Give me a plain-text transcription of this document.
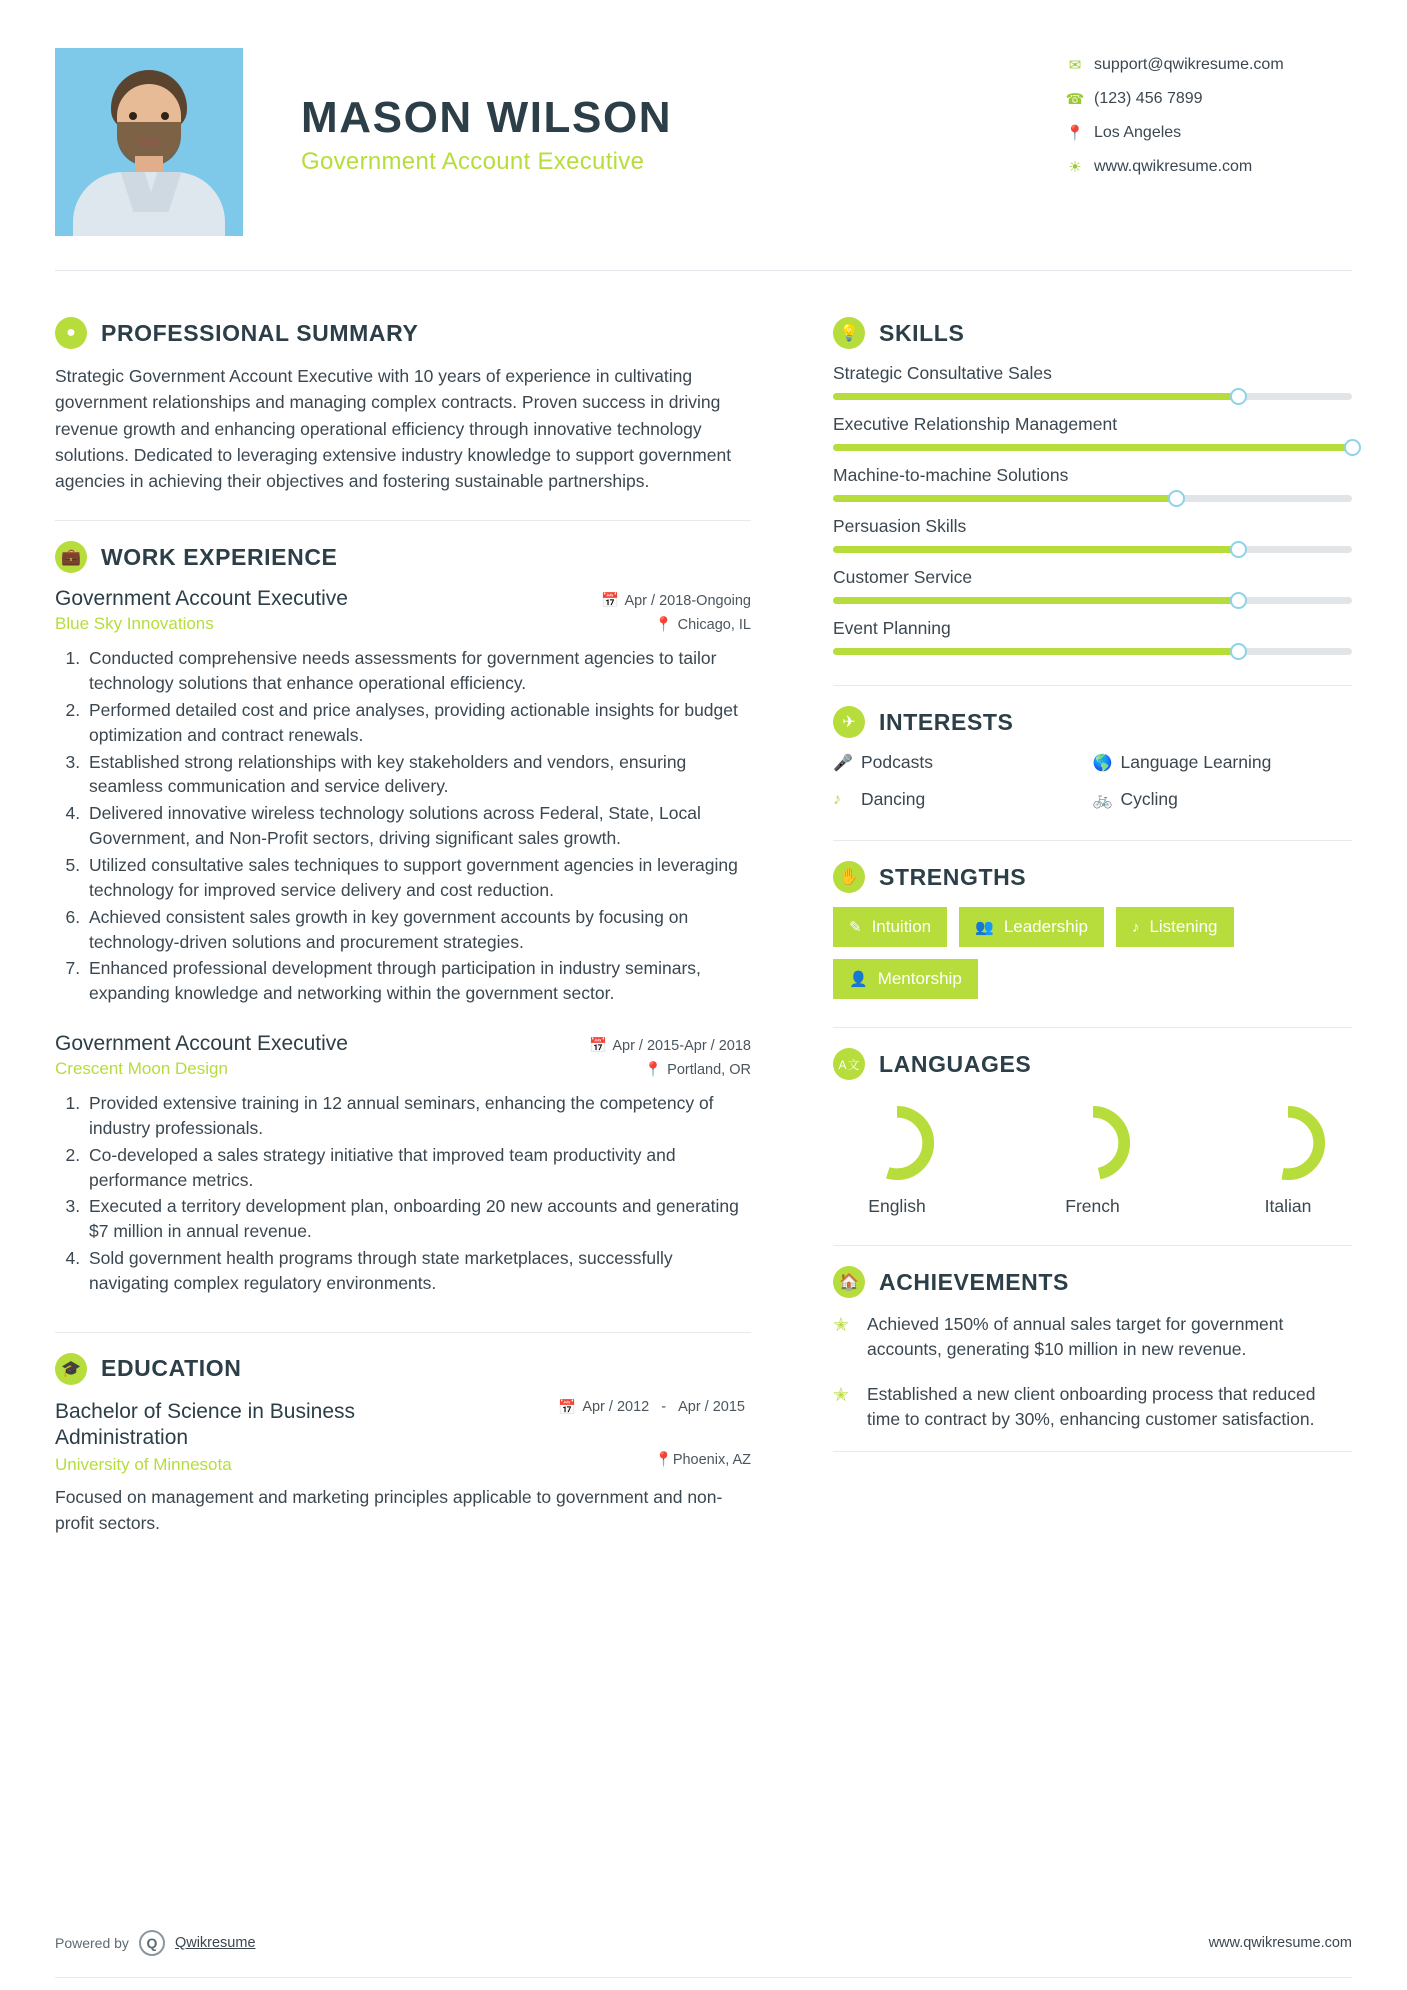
MASON WILSON
Government Account Executive
✉ support@qwikresume.com
☎ (123) 456 7899
📍 Los Angeles
☀ www.qwikresume.com
●	PROFESSIONAL SUMMARY

Strategic Government Account Executive with 10 years of experience in cultivating government relationships and managing complex contracts. Proven success in driving revenue growth and enhancing operational efficiency through innovative technology solutions. Dedicated to leveraging extensive industry knowledge to support government agencies in achieving their objectives and fostering sustainable partnerships.

💼 WORK EXPERIENCE
Government Account Executive	📅 Apr / 2018-Ongoing
Blue Sky Innovations	📍 Chicago, IL
1. Conducted comprehensive needs assessments for government agencies to tailor technology solutions that enhance operational efficiency.
2. Performed detailed cost and price analyses, providing actionable insights for budget optimization and contract renewals.
3. Established strong relationships with key stakeholders and vendors, ensuring seamless communication and service delivery.
4. Delivered innovative wireless technology solutions across Federal, State, Local Government, and Non-Profit sectors, driving significant sales growth.
5. Utilized consultative sales techniques to support government agencies in leveraging technology for improved service delivery and cost reduction.
6. Achieved consistent sales growth in key government accounts by focusing on technology-driven solutions and procurement strategies.
7. Enhanced professional development through participation in industry seminars, expanding knowledge and networking within the government sector.
Government Account Executive	📅 Apr / 2015-Apr / 2018
Crescent Moon Design	📍 Portland, OR
1. Provided extensive training in 12 annual seminars, enhancing the competency of industry professionals.
2. Co-developed a sales strategy initiative that improved team productivity and performance metrics.
3. Executed a territory development plan, onboarding 20 new accounts and generating $7 million in annual revenue.
4. Sold government health programs through state marketplaces, successfully navigating complex regulatory environments.
🎓 EDUCATION
Bachelor of Science in Business Administration
📅 Apr / 2012 - Apr / 2015
University of Minnesota	📍Phoenix, AZ
Focused on management and marketing principles applicable to government and non-profit sectors.
💡 SKILLS
Strategic Consultative Sales
Executive Relationship Management
Machine-to-machine Solutions
Persuasion Skills
Customer Service
Event Planning
✈	INTERESTS
🎤 Podcasts	🌎 Language Learning
♪	Dancing	🚲 Cycling
✋ STRENGTHS
✎ Intuition	👥 Leadership	♪ Listening
👤 Mentorship
A 文 LANGUAGES
English	French	Italian
🏠 ACHIEVEMENTS
✭	Achieved 150% of annual sales target for government accounts, generating $10 million in new revenue.
✭	Established a new client onboarding process that reduced time to contract by 30%, enhancing customer satisfaction.
Powered by	Q	Qwikresume	www.qwikresume.com
